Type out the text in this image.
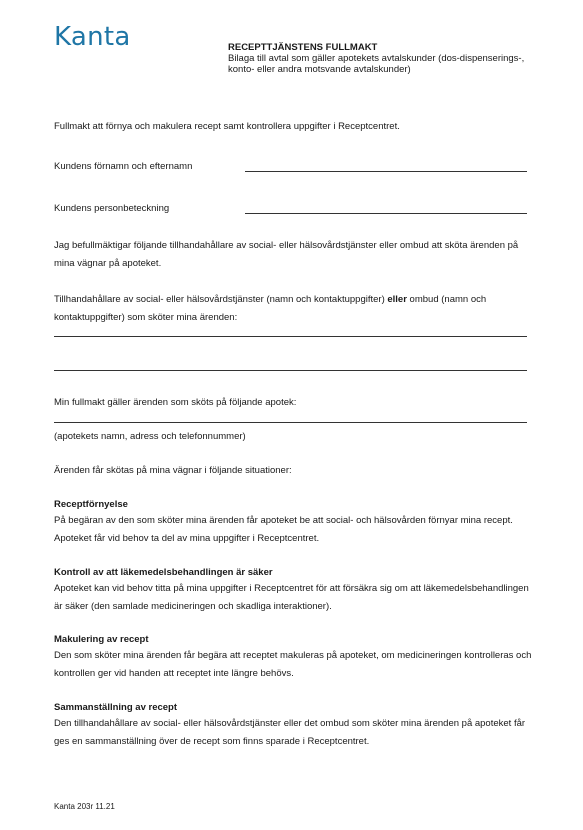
Kanta	RECEPTTJÄNSTENS FULLMAKT
Bilaga till avtal som gäller apotekets avtalskunder (dos-dispenserings-, konto- eller andra motsvande avtalskunder)
Fullmakt att förnya och makulera recept samt kontrollera uppgifter i Receptcentret.
Kundens förnamn och efternamn
Kundens personbeteckning
Jag befullmäktigar följande tillhandahållare av social- eller hälsovårdstjänster eller ombud att sköta ärenden på mina vägnar på apoteket.
Tillhandahållare av social- eller hälsovårdstjänster (namn och kontaktuppgifter) eller ombud (namn och kontaktuppgifter) som sköter mina ärenden:
Min fullmakt gäller ärenden som sköts på följande apotek:
(apotekets namn, adress och telefonnummer)
Ärenden får skötas på mina vägnar i följande situationer:
Receptförnyelse
På begäran av den som sköter mina ärenden får apoteket be att social- och hälsovården förnyar mina recept. Apoteket får vid behov ta del av mina uppgifter i Receptcentret.
Kontroll av att läkemedelsbehandlingen är säker
Apoteket kan vid behov titta på mina uppgifter i Receptcentret för att försäkra sig om att läkemedelsbehandlingen är säker (den samlade medicineringen och skadliga interaktioner).
Makulering av recept
Den som sköter mina ärenden får begära att receptet makuleras på apoteket, om medicineringen kontrolleras och kontrollen ger vid handen att receptet inte längre behövs.
Sammanställning av recept
Den tillhandahållare av social- eller hälsovårdstjänster eller det ombud som sköter mina ärenden på apoteket får ges en sammanställning över de recept som finns sparade i Receptcentret.
Kanta 203r 11.21
